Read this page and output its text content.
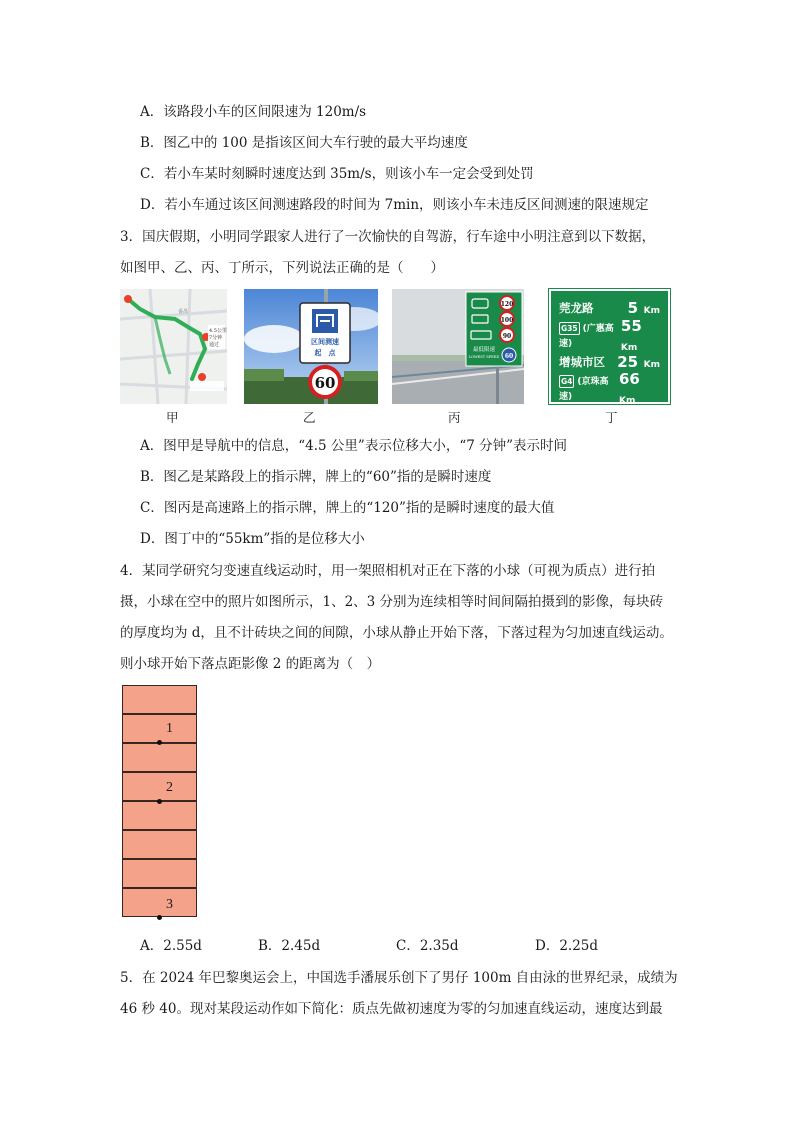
A．该路段小车的区间限速为 120m/s
B．图乙中的 100 是指该区间大车行驶的最大平均速度
C．若小车某时刻瞬时速度达到 35m/s，则该小车一定会受到处罚
D．若小车通过该区间测速路段的时间为 7min，则该小车未违反区间测速的限速规定
3．国庆假期，小明同学跟家人进行了一次愉快的自驾游，行车途中小明注意到以下数据，
如图甲、乙、丙、丁所示，下列说法正确的是（　　）
4.5公里
7分钟
通过
番禺
甲
区间测速
起　点
60
乙
120
100
90
最低限速
LOWEST SPEED 60
丙
莞龙路 5 Km
G35 (广惠高速)
55 Km
增城市区 25 Km
G4 (京珠高速)
66 Km
丁
A．图甲是导航中的信息，“4.5 公里”表示位移大小，“7 分钟”表示时间
B．图乙是某路段上的指示牌，牌上的“60”指的是瞬时速度
C．图丙是高速路上的指示牌，牌上的“120”指的是瞬时速度的最大值
D．图丁中的“55km”指的是位移大小
4．某同学研究匀变速直线运动时，用一架照相机对正在下落的小球（可视为质点）进行拍
摄，小球在空中的照片如图所示，1、2、3 分别为连续相等时间间隔拍摄到的影像，每块砖
的厚度均为 d，且不计砖块之间的间隙，小球从静止开始下落，下落过程为匀加速直线运动。
则小球开始下落点距影像 2 的距离为（　）
1
2
3
A．2.55d	B．2.45d	C．2.35d	D．2.25d
5．在 2024 年巴黎奥运会上，中国选手潘展乐创下了男仔 100m 自由泳的世界纪录，成绩为
46 秒 40。现对某段运动作如下简化：质点先做初速度为零的匀加速直线运动，速度达到最
